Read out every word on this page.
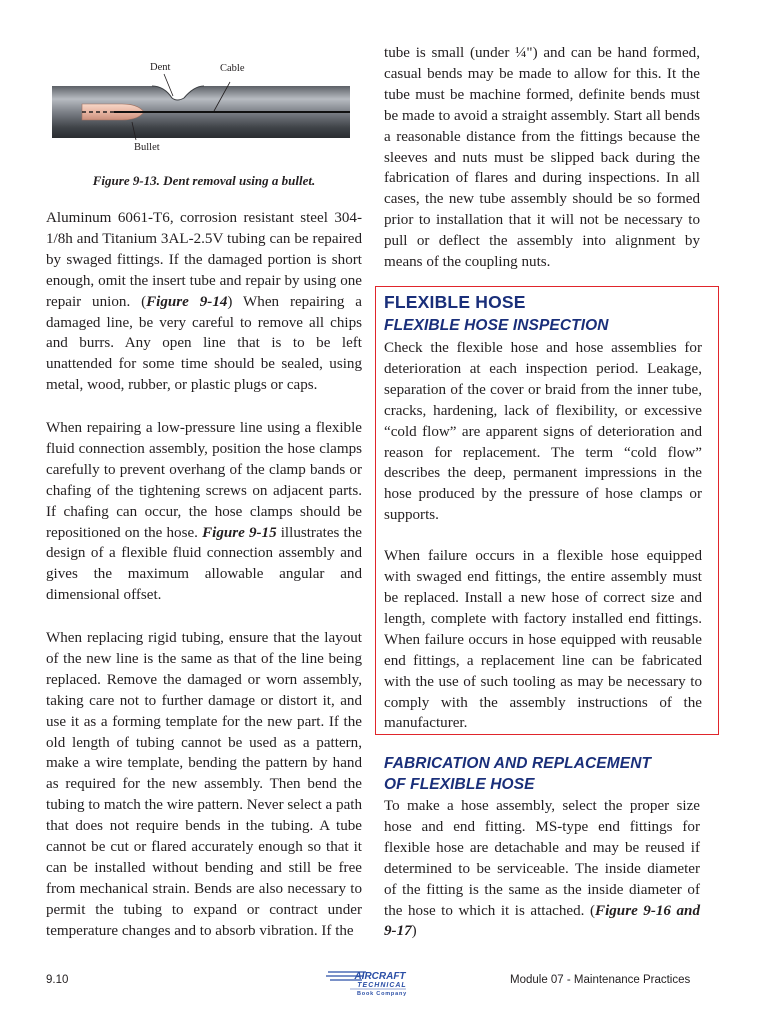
Dent	Cable
Bullet

Figure 9-13. Dent removal using a bullet.

Aluminum 6061-T6, corrosion resistant steel 304-1/8h and Titanium 3AL-2.5V tubing can be repaired by swaged fittings. If the damaged portion is short enough, omit the insert tube and repair by using one repair union. (Figure 9-14) When repairing a damaged line, be very careful to remove all chips and burrs. Any open line that is to be left unattended for some time should be sealed, using metal, wood, rubber, or plastic plugs or caps.

When repairing a low-pressure line using a flexible fluid connection assembly, position the hose clamps carefully to prevent overhang of the clamp bands or chafing of the tightening screws on adjacent parts. If chafing can occur, the hose clamps should be repositioned on the hose. Figure 9-15 illustrates the design of a flexible fluid connection assembly and gives the maximum allowable angular and dimensional offset.

When replacing rigid tubing, ensure that the layout of the new line is the same as that of the line being replaced. Remove the damaged or worn assembly, taking care not to further damage or distort it, and use it as a forming template for the new part. If the old length of tubing cannot be used as a pattern, make a wire template, bending the pattern by hand as required for the new assembly. Then bend the tubing to match the wire pattern. Never select a path that does not require bends in the tubing. A tube cannot be cut or flared accurately enough so that it can be installed without bending and still be free from mechanical strain. Bends are also necessary to permit the tubing to expand or contract under temperature changes and to absorb vibration. If the

tube is small (under ¼") and can be hand formed, casual bends may be made to allow for this. It the tube must be machine formed, definite bends must be made to avoid a straight assembly. Start all bends a reasonable distance from the fittings because the sleeves and nuts must be slipped back during the fabrication of flares and during inspections. In all cases, the new tube assembly should be so formed prior to installation that it will not be necessary to pull or deflect the assembly into alignment by means of the coupling nuts.

FLEXIBLE HOSE
FLEXIBLE HOSE INSPECTION

Check the flexible hose and hose assemblies for deterioration at each inspection period. Leakage, separation of the cover or braid from the inner tube, cracks, hardening, lack of flexibility, or excessive “cold flow” are apparent signs of deterioration and reason for replacement. The term “cold flow” describes the deep, permanent impressions in the hose produced by the pressure of hose clamps or supports.

When failure occurs in a flexible hose equipped with swaged end fittings, the entire assembly must be replaced. Install a new hose of correct size and length, complete with factory installed end fittings. When failure occurs in hose equipped with reusable end fittings, a replacement line can be fabricated with the use of such tooling as may be necessary to comply with the assembly instructions of the manufacturer.

FABRICATION AND REPLACEMENT
OF FLEXIBLE HOSE

To make a hose assembly, select the proper size hose and end fitting. MS-type end fittings for flexible hose are detachable and may be reused if determined to be serviceable. The inside diameter of the fitting is the same as the inside diameter of the hose to which it is attached. (Figure 9-16 and 9-17)

9.10	AIRCRAFT
TECHNICAL
Book Company
Module 07 - Maintenance Practices
